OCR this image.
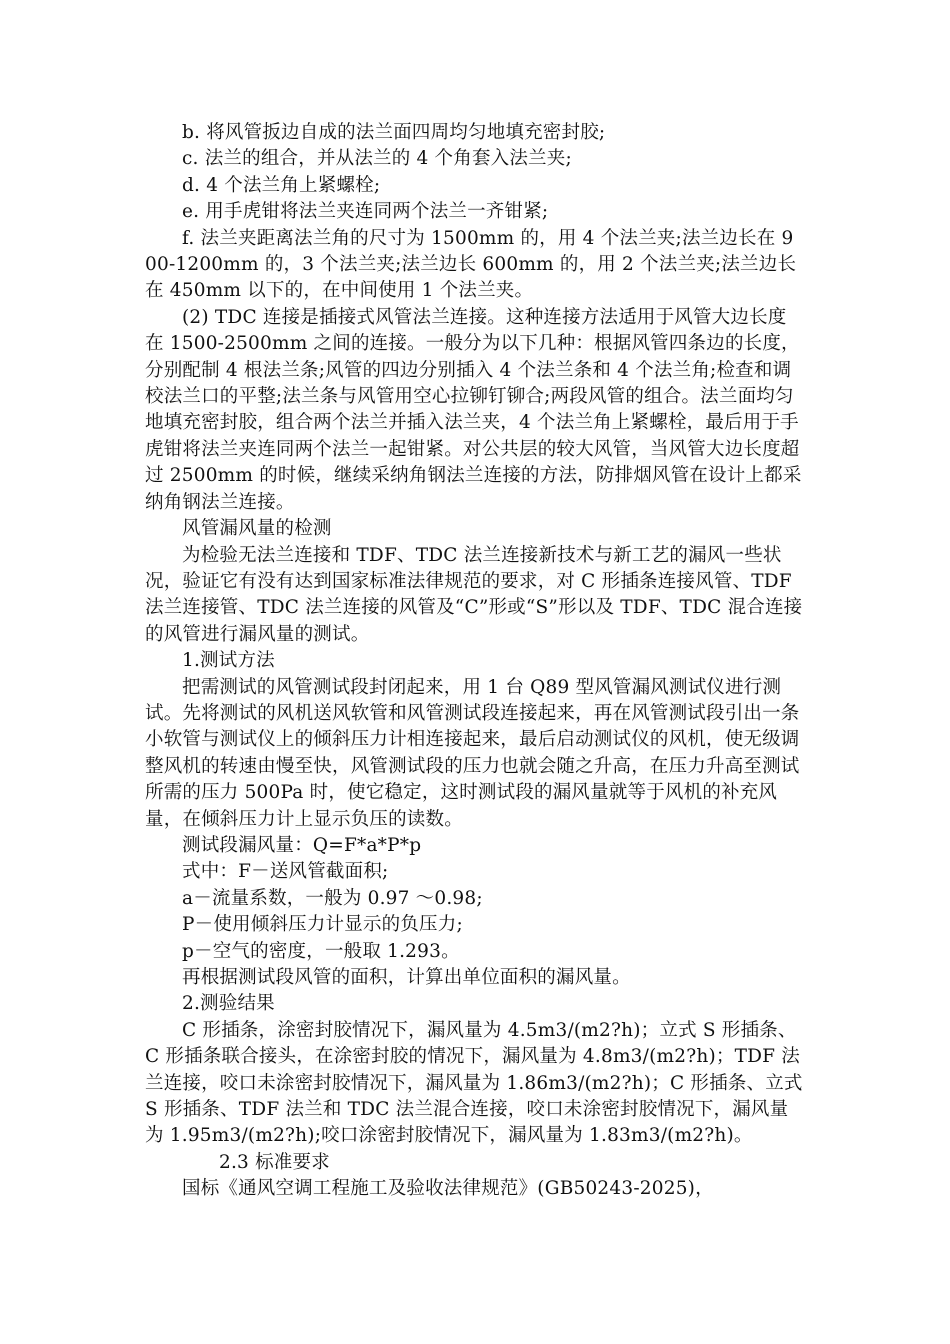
b. 将风管扳边自成的法兰面四周均匀地填充密封胶;

c. 法兰的组合，并从法兰的 4 个角套入法兰夹;

d. 4 个法兰角上紧螺栓;

e. 用手虎钳将法兰夹连同两个法兰一齐钳紧;

f. 法兰夹距离法兰角的尺寸为 1500mm 的，用 4 个法兰夹;法兰边长在 900-1200mm 的，3 个法兰夹;法兰边长 600mm 的，用 2 个法兰夹;法兰边长在 450mm 以下的，在中间使用 1 个法兰夹。

(2) TDC 连接是插接式风管法兰连接。这种连接方法适用于风管大边长度在 1500-2500mm 之间的连接。一般分为以下几种：根据风管四条边的长度，分别配制 4 根法兰条;风管的四边分别插入 4 个法兰条和 4 个法兰角;检查和调校法兰口的平整;法兰条与风管用空心拉铆钉铆合;两段风管的组合。法兰面均匀地填充密封胶，组合两个法兰并插入法兰夹，4 个法兰角上紧螺栓，最后用于手虎钳将法兰夹连同两个法兰一起钳紧。对公共层的较大风管，当风管大边长度超过 2500mm 的时候，继续采纳角钢法兰连接的方法，防排烟风管在设计上都采纳角钢法兰连接。

风管漏风量的检测

为检验无法兰连接和 TDF、TDC 法兰连接新技术与新工艺的漏风一些状况，验证它有没有达到国家标准法律规范的要求，对 C 形插条连接风管、TDF 法兰连接管、TDC 法兰连接的风管及“C”形或“S”形以及 TDF、TDC 混合连接的风管进行漏风量的测试。

1.测试方法

把需测试的风管测试段封闭起来，用 1 台 Q89 型风管漏风测试仪进行测试。先将测试的风机送风软管和风管测试段连接起来，再在风管测试段引出一条小软管与测试仪上的倾斜压力计相连接起来，最后启动测试仪的风机，使无级调整风机的转速由慢至快，风管测试段的压力也就会随之升高，在压力升高至测试所需的压力 500Pa 时，使它稳定，这时测试段的漏风量就等于风机的补充风量，在倾斜压力计上显示负压的读数。

测试段漏风量：Q=F*a*P*p

式中：F－送风管截面积;

a－流量系数，一般为 0.97 ～0.98;

P－使用倾斜压力计显示的负压力;

p－空气的密度，一般取 1.293。

再根据测试段风管的面积，计算出单位面积的漏风量。

2.测验结果

C 形插条，涂密封胶情况下，漏风量为 4.5m3/(m2?h)；立式 S 形插条、C 形插条联合接头，在涂密封胶的情况下，漏风量为 4.8m3/(m2?h)；TDF 法兰连接，咬口未涂密封胶情况下，漏风量为 1.86m3/(m2?h)；C 形插条、立式 S 形插条、TDF 法兰和 TDC 法兰混合连接，咬口未涂密封胶情况下，漏风量为 1.95m3/(m2?h);咬口涂密封胶情况下，漏风量为 1.83m3/(m2?h)。

2.3 标准要求

国标《通风空调工程施工及验收法律规范》(GB50243-2025)，
